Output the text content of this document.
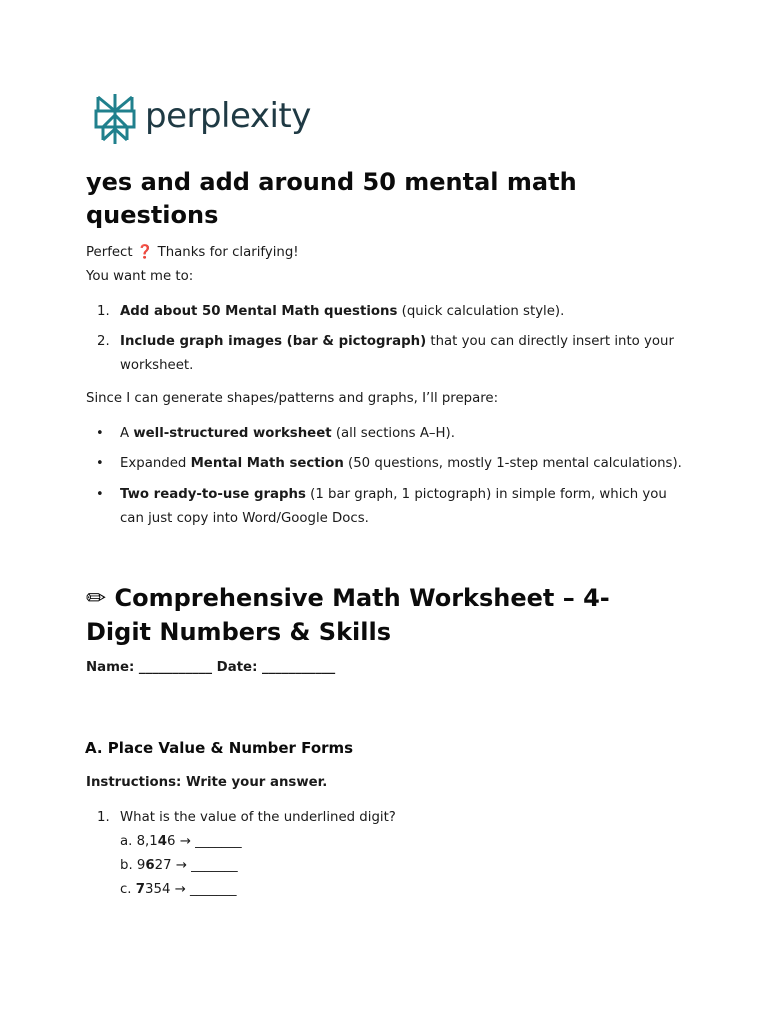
perplexity
yes and add around 50 mental math questions

Perfect ❓ Thanks for clarifying!

You want me to:

1. Add about 50 Mental Math questions (quick calculation style).
2. Include graph images (bar & pictograph) that you can directly insert into your worksheet.

Since I can generate shapes/patterns and graphs, I’ll prepare:

• A well-structured worksheet (all sections A–H).
• Expanded Mental Math section (50 questions, mostly 1-step mental calculations).
• Two ready-to-use graphs (1 bar graph, 1 pictograph) in simple form, which you can just copy into Word/Google Docs.
✏ Comprehensive Math Worksheet – 4-Digit Numbers & Skills

Name: ___________ Date: ___________

A. Place Value & Number Forms

Instructions: Write your answer.

1. What is the value of the underlined digit?
a. 8,146 → _______
b. 9627 → _______
c. 7354 → _______
